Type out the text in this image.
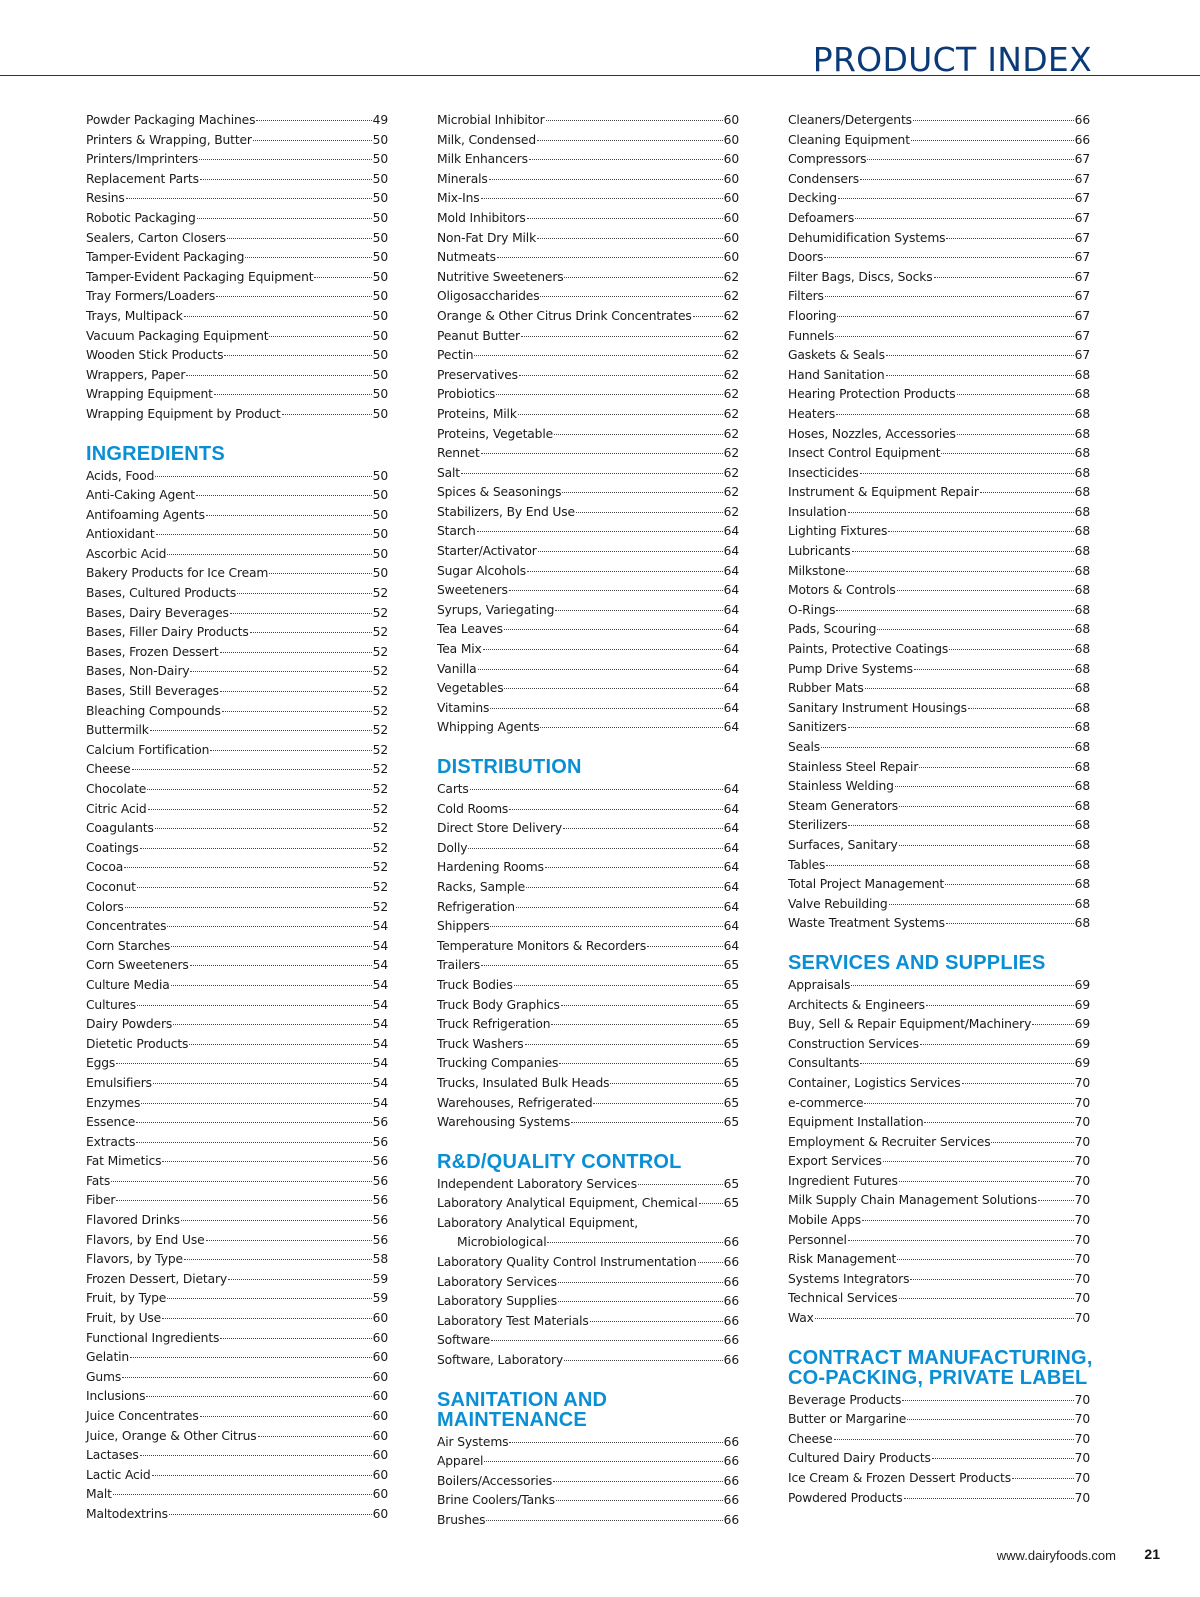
PRODUCT INDEX
Powder Packaging Machines	49
Printers & Wrapping, Butter	50
Printers/Imprinters	50
Replacement Parts	50
Resins	50
Robotic Packaging	50
Sealers, Carton Closers	50
Tamper-Evident Packaging	50
Tamper-Evident Packaging Equipment	50
Tray Formers/Loaders	50
Trays, Multipack	50
Vacuum Packaging Equipment	50
Wooden Stick Products	50
Wrappers, Paper	50
Wrapping Equipment	50
Wrapping Equipment by Product	50
INGREDIENTS
Acids, Food	50
Anti-Caking Agent	50
Antifoaming Agents	50
Antioxidant	50
Ascorbic Acid	50
Bakery Products for Ice Cream	50
Bases, Cultured Products	52
Bases, Dairy Beverages	52
Bases, Filler Dairy Products	52
Bases, Frozen Dessert	52
Bases, Non-Dairy	52
Bases, Still Beverages	52
Bleaching Compounds	52
Buttermilk	52
Calcium Fortification	52
Cheese	52
Chocolate	52
Citric Acid	52
Coagulants	52
Coatings	52
Cocoa	52
Coconut	52
Colors	52
Concentrates	54
Corn Starches	54
Corn Sweeteners	54
Culture Media	54
Cultures	54
Dairy Powders	54
Dietetic Products	54
Eggs	54
Emulsifiers	54
Enzymes	54
Essence	56
Extracts	56
Fat Mimetics	56
Fats	56
Fiber	56
Flavored Drinks	56
Flavors, by End Use	56
Flavors, by Type	58
Frozen Dessert, Dietary	59
Fruit, by Type	59
Fruit, by Use	60
Functional Ingredients	60
Gelatin	60
Gums	60
Inclusions	60
Juice Concentrates	60
Juice, Orange & Other Citrus	60
Lactases	60
Lactic Acid	60
Malt	60
Maltodextrins	60
Microbial Inhibitor	60
Milk, Condensed	60
Milk Enhancers	60
Minerals	60
Mix-Ins	60
Mold Inhibitors	60
Non-Fat Dry Milk	60
Nutmeats	60
Nutritive Sweeteners	62
Oligosaccharides	62
Orange & Other Citrus Drink Concentrates	62
Peanut Butter	62
Pectin	62
Preservatives	62
Probiotics	62
Proteins, Milk	62
Proteins, Vegetable	62
Rennet	62
Salt	62
Spices & Seasonings	62
Stabilizers, By End Use	62
Starch	64
Starter/Activator	64
Sugar Alcohols	64
Sweeteners	64
Syrups, Variegating	64
Tea Leaves	64
Tea Mix	64
Vanilla	64
Vegetables	64
Vitamins	64
Whipping Agents	64
DISTRIBUTION
Carts	64
Cold Rooms	64
Direct Store Delivery	64
Dolly	64
Hardening Rooms	64
Racks, Sample	64
Refrigeration	64
Shippers	64
Temperature Monitors & Recorders	64
Trailers	65
Truck Bodies	65
Truck Body Graphics	65
Truck Refrigeration	65
Truck Washers	65
Trucking Companies	65
Trucks, Insulated Bulk Heads	65
Warehouses, Refrigerated	65
Warehousing Systems	65
R&D/QUALITY CONTROL
Independent Laboratory Services	65
Laboratory Analytical Equipment, Chemical 65
Laboratory Analytical Equipment,
Microbiological	66
Laboratory Quality Control Instrumentation 66
Laboratory Services	66
Laboratory Supplies	66
Laboratory Test Materials	66
Software	66
Software, Laboratory	66
SANITATION AND
MAINTENANCE
Air Systems	66
Apparel	66
Boilers/Accessories	66
Brine Coolers/Tanks	66
Brushes	66
Cleaners/Detergents	66
Cleaning Equipment	66
Compressors	67
Condensers	67
Decking	67
Defoamers	67
Dehumidification Systems	67
Doors	67
Filter Bags, Discs, Socks	67
Filters	67
Flooring	67
Funnels	67
Gaskets & Seals	67
Hand Sanitation	68
Hearing Protection Products	68
Heaters	68
Hoses, Nozzles, Accessories	68
Insect Control Equipment	68
Insecticides	68
Instrument & Equipment Repair	68
Insulation	68
Lighting Fixtures	68
Lubricants	68
Milkstone	68
Motors & Controls	68
O-Rings	68
Pads, Scouring	68
Paints, Protective Coatings	68
Pump Drive Systems	68
Rubber Mats	68
Sanitary Instrument Housings	68
Sanitizers	68
Seals	68
Stainless Steel Repair	68
Stainless Welding	68
Steam Generators	68
Sterilizers	68
Surfaces, Sanitary	68
Tables	68
Total Project Management	68
Valve Rebuilding	68
Waste Treatment Systems	68
SERVICES AND SUPPLIES
Appraisals	69
Architects & Engineers	69
Buy, Sell & Repair Equipment/Machinery	69
Construction Services	69
Consultants	69
Container, Logistics Services	70
e-commerce	70
Equipment Installation	70
Employment & Recruiter Services	70
Export Services	70
Ingredient Futures	70
Milk Supply Chain Management Solutions	70
Mobile Apps	70
Personnel	70
Risk Management	70
Systems Integrators	70
Technical Services	70
Wax	70
CONTRACT MANUFACTURING,
CO-PACKING, PRIVATE LABEL
Beverage Products	70
Butter or Margarine	70
Cheese	70
Cultured Dairy Products	70
Ice Cream & Frozen Dessert Products	70
Powdered Products	70
www.dairyfoods.com 21
